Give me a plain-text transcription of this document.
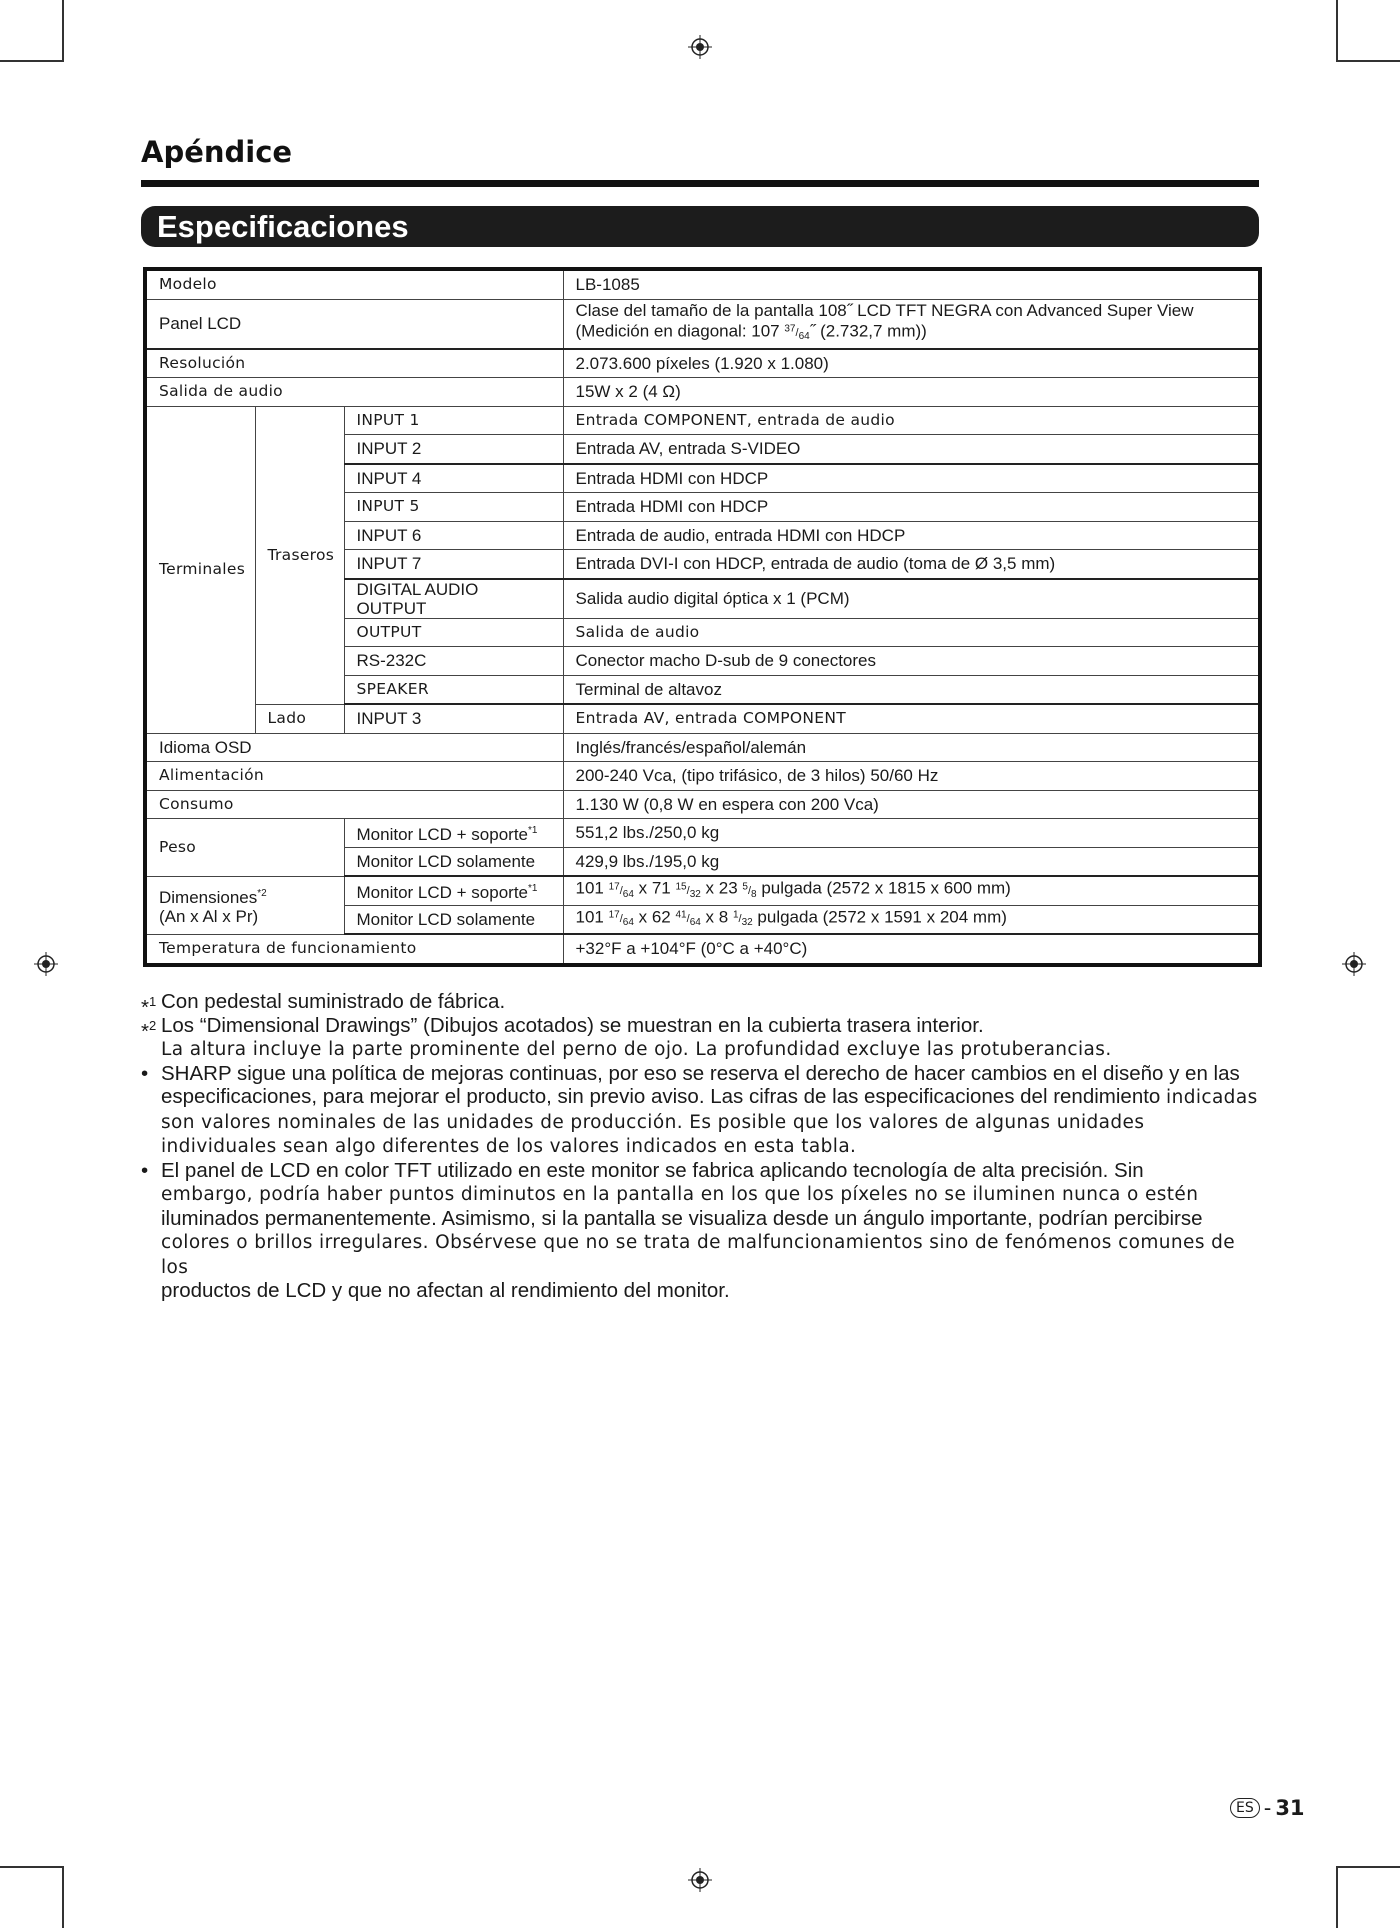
Apéndice
Especificaciones
Modelo			LB-1085
Panel LCD			Clase del tamaño de la pantalla 108˝ LCD TFT NEGRA con Advanced Super View
(Medición en diagonal: 107 $^{37}/_{64}˝$ (2.732,7 mm))
Resolución			2.073.600 píxeles (1.920 x 1.080)
Salida de audio			15W x 2 (4 Ω)
Terminales	Traseros	INPUT 1	Entrada COMPONENT, entrada de audio
		INPUT 2	Entrada AV, entrada S-VIDEO
		INPUT 4	Entrada HDMI con HDCP
		INPUT 5	Entrada HDMI con HDCP
		INPUT 6	Entrada de audio, entrada HDMI con HDCP
		INPUT 7	Entrada DVI-I con HDCP, entrada de audio (toma de Ø 3,5 mm)
		DIGITAL AUDIO OUTPUT	Salida audio digital óptica x 1 (PCM)
		OUTPUT	Salida de audio
		RS-232C	Conector macho D-sub de 9 conectores
		SPEAKER	Terminal de altavoz
	Lado	INPUT 3	Entrada AV, entrada COMPONENT
Idioma OSD			Inglés/francés/español/alemán
Alimentación			200-240 Vca, (tipo trifásico, de 3 hilos) 50/60 Hz
Consumo			1.130 W (0,8 W en espera con 200 Vca)
Peso		Monitor LCD + soporte$^{*1}$	551,2 lbs./250,0 kg
		Monitor LCD solamente	429,9 lbs./195,0 kg
Dimensiones$^{*2}$
(An x Al x Pr)		Monitor LCD + soporte$^{*1}$	101 $^{17}/_{64}$ x 71 $^{15}/_{32}$ x 23 $^5/_8$ pulgada (2572 x 1815 x 600 mm)
		Monitor LCD solamente	101 $^{17}/_{64}$ x 62 $^{41}/_{64}$ x 8 $^1/_{32}$ pulgada (2572 x 1591 x 204 mm)
Temperatura de funcionamiento			+32°F a +104°F (0°C a +40°C)
*$^1$ Con pedestal suministrado de fábrica.
*$^2$ Los “Dimensional Drawings” (Dibujos acotados) se muestran en la cubierta trasera interior.
La altura incluye la parte prominente del perno de ojo. La profundidad excluye las protuberancias.
• SHARP sigue una política de mejoras continuas, por eso se reserva el derecho de hacer cambios en el diseño y en las especificaciones, para mejorar el producto, sin previo aviso. Las cifras de las especificaciones del rendimiento indicadas son valores nominales de las unidades de producción. Es posible que los valores de algunas unidades individuales sean algo diferentes de los valores indicados en esta tabla.
• El panel de LCD en color TFT utilizado en este monitor se fabrica aplicando tecnología de alta precisión. Sin
embargo, podría haber puntos diminutos en la pantalla en los que los píxeles no se iluminen nunca o estén
iluminados permanentemente. Asimismo, si la pantalla se visualiza desde un ángulo importante, podrían percibirse
colores o brillos irregulares. Obsérvese que no se trata de malfuncionamientos sino de fenómenos comunes de los
productos de LCD y que no afectan al rendimiento del monitor.
ES - 31
